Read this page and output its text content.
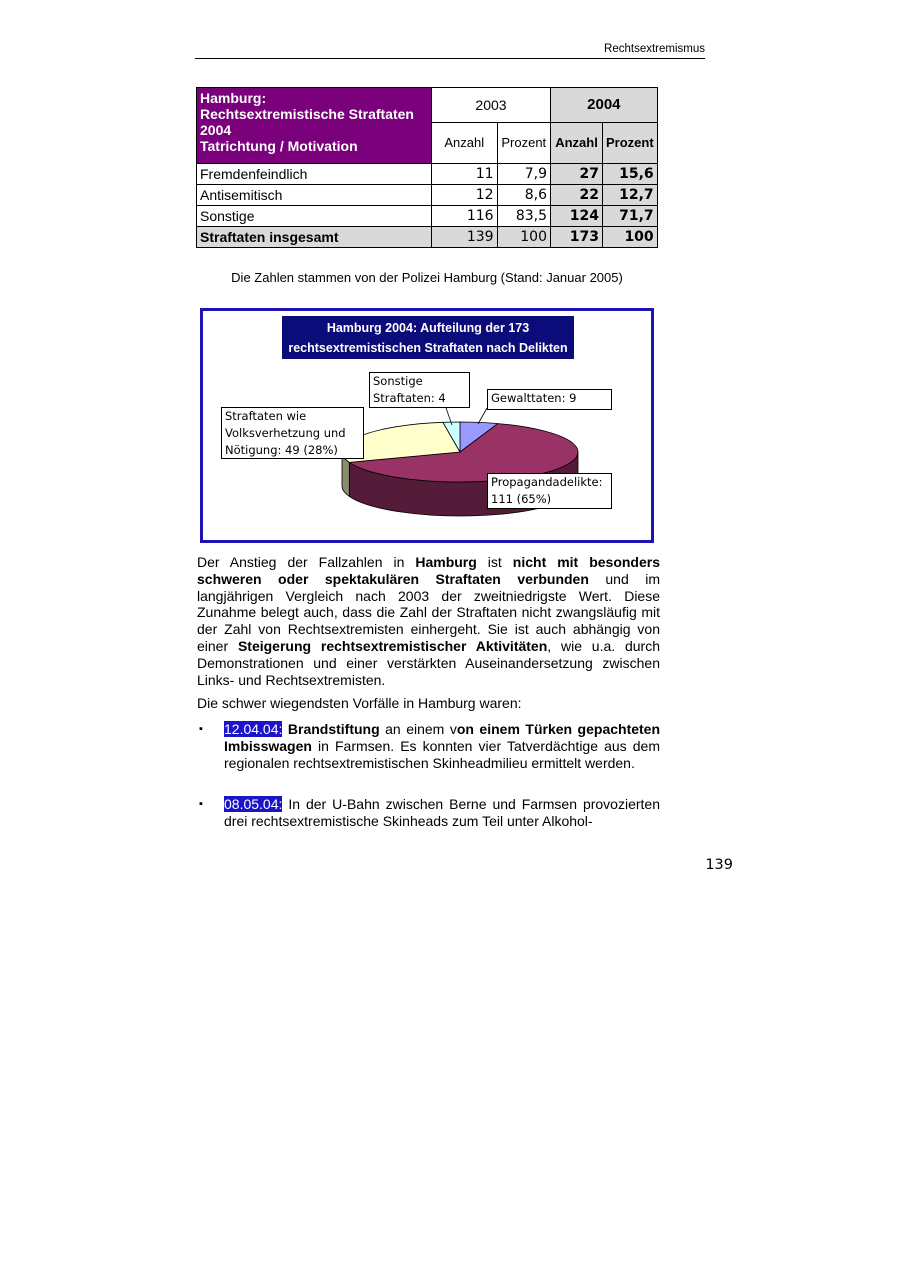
Rechtsextremismus
Hamburg:
Rechtsextremistische Straftaten
2004
Tatrichtung / Motivation	2003		2004	
	Anzahl	Prozent	Anzahl	Prozent
Fremdenfeindlich	11	7,9	27	15,6
Antisemitisch	12	8,6	22	12,7
Sonstige	116	83,5	124	71,7
Straftaten insgesamt	139	100	173	100
Die Zahlen stammen von der Polizei Hamburg (Stand: Januar 2005)
Hamburg 2004: Aufteilung der 173
rechtsextremistischen Straftaten nach Delikten
Sonstige
Straftaten: 4	Gewalttaten: 9
Straftaten wie
Volksverhetzung und
Nötigung: 49 (28%)
Propagandadelikte:
111 (65%)
Der Anstieg der Fallzahlen in Hamburg ist nicht mit besonders schweren oder spektakulären Straftaten verbunden und im langjährigen Vergleich nach 2003 der zweitniedrigste Wert. Diese Zunahme belegt auch, dass die Zahl der Straftaten nicht zwangsläufig mit der Zahl von Rechtsextremisten einhergeht. Sie ist auch abhängig von einer Steigerung rechtsextremistischer Aktivitäten, wie u.a. durch Demonstrationen und einer verstärkten Auseinandersetzung zwischen Links- und Rechtsextremisten.
Die schwer wiegendsten Vorfälle in Hamburg waren:
▪ 12.04.04: Brandstiftung an einem von einem Türken gepachteten Imbisswagen in Farmsen. Es konnten vier Tatverdächtige aus dem regionalen rechtsextremistischen Skinheadmilieu ermittelt werden.
▪ 08.05.04: In der U-Bahn zwischen Berne und Farmsen provozierten drei rechtsextremistische Skinheads zum Teil unter Alkohol-
139
